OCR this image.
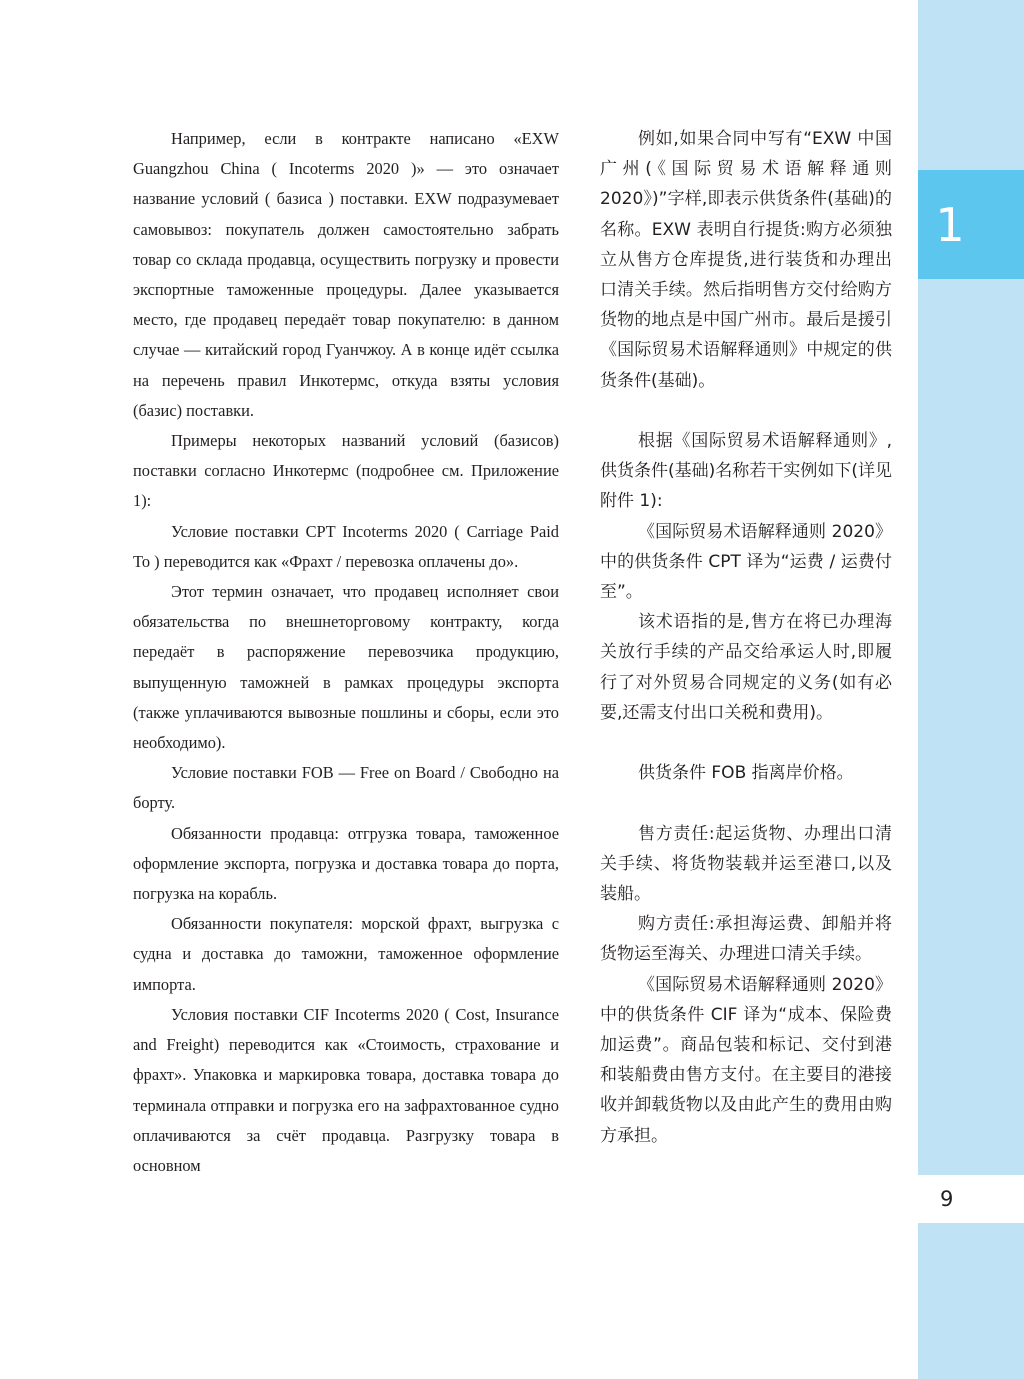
1
9

Например, если в контракте написано «EXW Guangzhou China ( Incoterms 2020 )» — это означает название условий ( базиса ) поставки. EXW подразумевает самовывоз: покупатель должен самостоятельно забрать товар со склада продавца, осуществить погрузку и провести экспортные таможенные процедуры. Далее указывается место, где продавец передаёт товар покупателю: в данном случае — китайский город Гуанчжоу. А в конце идёт ссылка на перечень правил Инкотермс, откуда взяты условия (базис) поставки.

Примеры некоторых названий условий (базисов) поставки согласно Инкотермс (подробнее см. Приложение 1):

Условие поставки CPT Incoterms 2020 ( Carriage Paid To ) переводится как «Фрахт / перевозка оплачены до».

Этот термин означает, что продавец исполняет свои обязательства по внешнеторговому контракту, когда передаёт в распоряжение перевозчика продукцию, выпущенную таможней в рамках процедуры экспорта (также уплачиваются вывозные пошлины и сборы, если это необходимо).

Условие поставки FOB — Free on Board / Свободно на борту.

Обязанности продавца: отгрузка товара, таможенное оформление экспорта, погрузка и доставка товара до порта, погрузка на корабль.

Обязанности покупателя: морской фрахт, выгрузка с судна и доставка до таможни, таможенное оформление импорта.

Условия поставки CIF Incoterms 2020 ( Cost, Insurance and Freight) переводится как «Стоимость, страхование и фрахт». Упаковка и маркировка товара, доставка товара до терминала отправки и погрузка его на зафрахтованное судно оплачиваются за счёт продавца. Разгрузку товара в основном

例如,如果合同中写有“EXW 中国广州(《国际贸易术语解释通则 2020》)”字样,即表示供货条件(基础)的名称。EXW 表明自行提货:购方必须独立从售方仓库提货,进行装货和办理出口清关手续。然后指明售方交付给购方货物的地点是中国广州市。最后是援引《国际贸易术语解释通则》中规定的供货条件(基础)。

根据《国际贸易术语解释通则》,供货条件(基础)名称若干实例如下(详见附件 1):

《国际贸易术语解释通则 2020》中的供货条件 CPT 译为“运费 / 运费付至”。

该术语指的是,售方在将已办理海关放行手续的产品交给承运人时,即履行了对外贸易合同规定的义务(如有必要,还需支付出口关税和费用)。

供货条件 FOB 指离岸价格。

售方责任:起运货物、办理出口清关手续、将货物装载并运至港口,以及装船。

购方责任:承担海运费、卸船并将货物运至海关、办理进口清关手续。

《国际贸易术语解释通则 2020》中的供货条件 CIF 译为“成本、保险费加运费”。商品包装和标记、交付到港和装船费由售方支付。在主要目的港接收并卸载货物以及由此产生的费用由购方承担。
